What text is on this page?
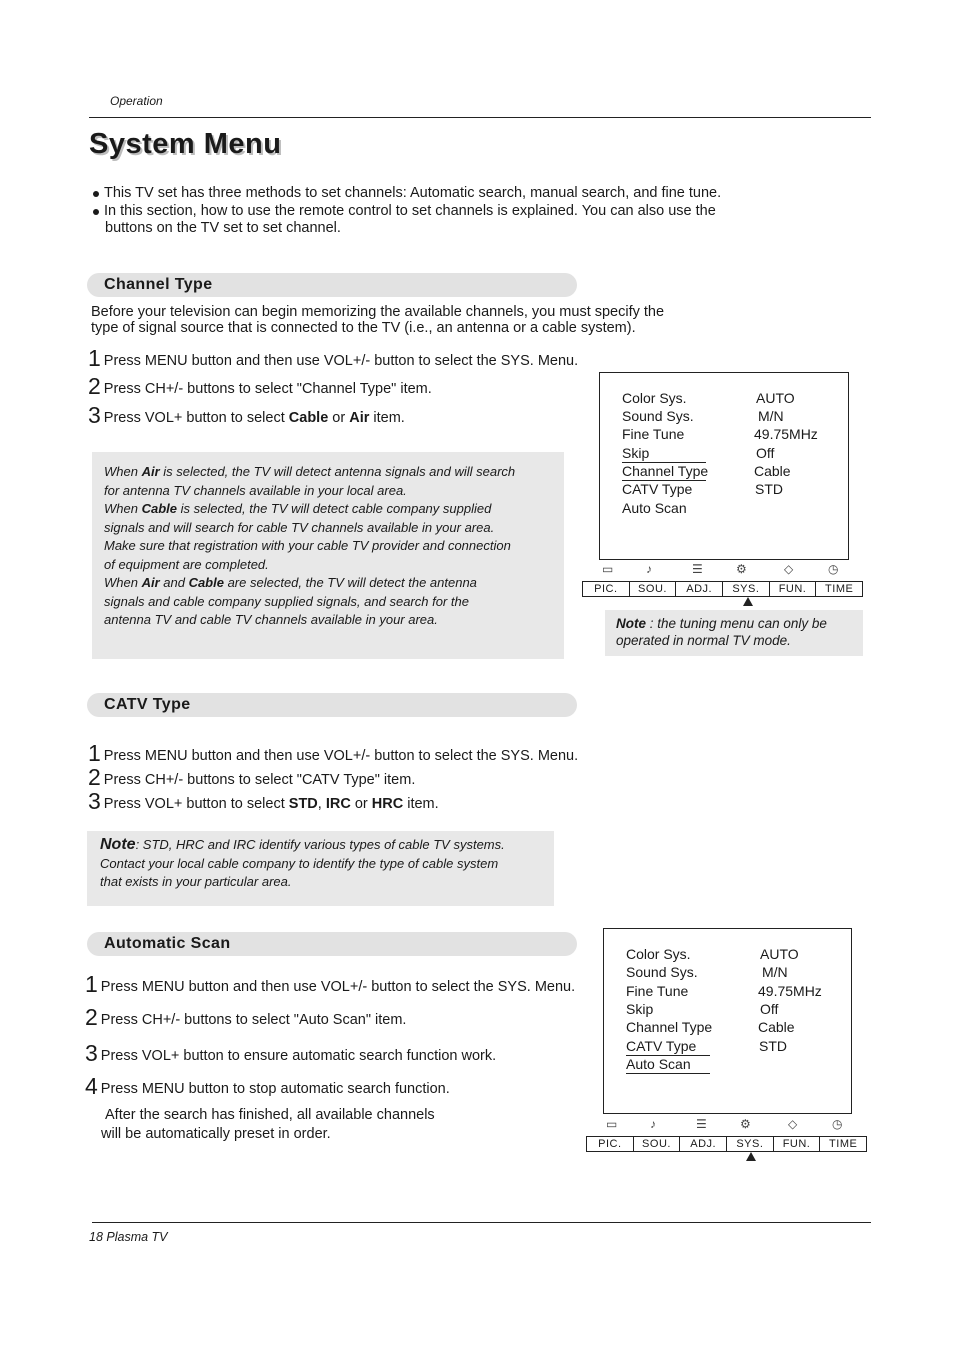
Operation
System Menu
This TV set has three methods to set channels: Automatic search, manual search, and fine tune.
In this section, how to use the remote control to set channels is explained. You can also use the
buttons on the TV set to set channel.
Channel Type
Before your television can begin memorizing the available channels, you must specify the
type of signal source that is connected to the TV (i.e., an antenna or a cable system).
1 Press MENU button and then use VOL+/- button to select the SYS. Menu.
2 Press CH+/- buttons to select "Channel Type" item.
3 Press VOL+ button to select Cable or Air item.
When Air is selected, the TV will detect antenna signals and will search
for antenna TV channels available in your local area.
When Cable is selected, the TV will detect cable company supplied
signals and will search for cable TV channels available in your area.
Make sure that registration with your cable TV provider and connection
of equipment are completed.
When Air and Cable are selected, the TV will detect the antenna
signals and cable company supplied signals, and search for the
antenna TV and cable TV channels available in your area.
Color Sys.	AUTO
Sound Sys.	M/N
Fine Tune	49.75MHz
Skip	Off
Channel Type	Cable
CATV Type	STD
Auto Scan
▭	♪	☰	⚙	◇	◷
PIC.	SOU.	ADJ.	SYS.	FUN.	TIME
Note : the tuning menu can only be
operated in normal TV mode.
CATV Type
1 Press MENU button and then use VOL+/- button to select the SYS. Menu.
2 Press CH+/- buttons to select "CATV Type" item.
3 Press VOL+ button to select STD, IRC or HRC item.
Note: STD, HRC and IRC identify various types of cable TV systems.
Contact your local cable company to identify the type of cable system
that exists in your particular area.
Automatic Scan
1 Press MENU button and then use VOL+/- button to select the SYS. Menu.
2 Press CH+/- buttons to select "Auto Scan" item.
3 Press VOL+ button to ensure automatic search function work.
4 Press MENU button to stop automatic search function.
After the search has finished, all available channels
will be automatically preset in order.
Color Sys.	AUTO
Sound Sys.	M/N
Fine Tune	49.75MHz
Skip	Off
Channel Type	Cable
CATV Type	STD
Auto Scan
▭	♪	☰	⚙	◇	◷
PIC.	SOU.	ADJ.	SYS.	FUN.	TIME
18 Plasma TV
